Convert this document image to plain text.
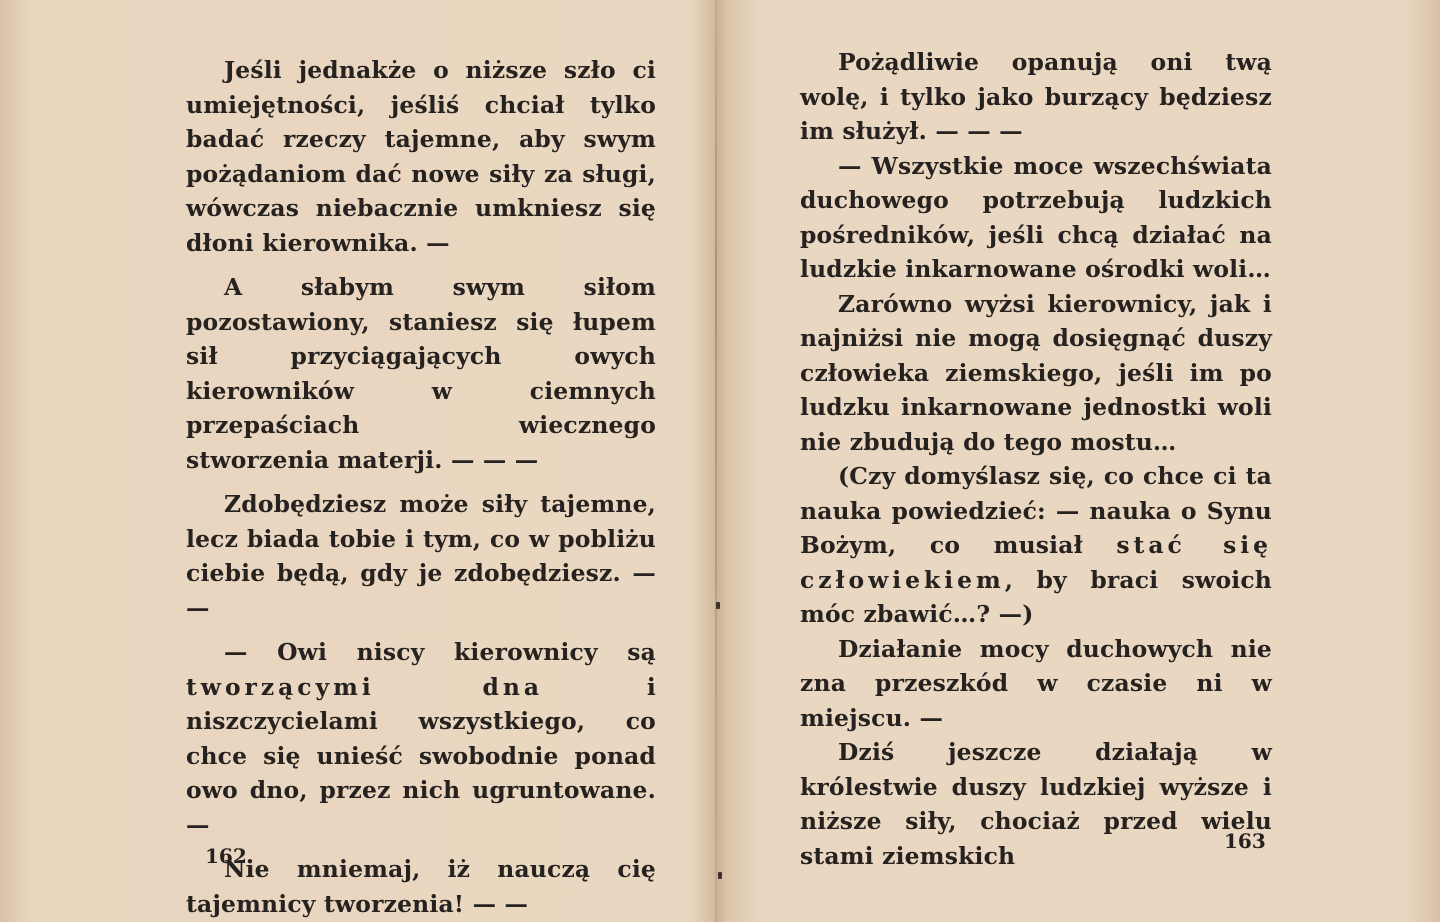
Jeśli jednakże o niższe szło ci umiejętności, jeśliś chciał tylko badać rzeczy tajemne, aby swym pożądaniom dać nowe siły za sługi, wówczas niebacznie umkniesz się dłoni kierownika. —

A słabym swym siłom pozostawiony, staniesz się łupem sił przyciągających owych kierowników w ciemnych przepaściach wiecznego stworzenia materji. — — —

Zdobędziesz może siły tajemne, lecz biada tobie i tym, co w pobliżu ciebie będą, gdy je zdobędziesz. — —

— Owi niscy kierownicy są tworzącymi dna i niszczycielami wszystkiego, co chce się unieść swobodnie ponad owo dno, przez nich ugruntowane. —

Nie mniemaj, iż nauczą cię tajemnicy tworzenia! — —

162

Pożądliwie opanują oni twą wolę, i tylko jako burzący będziesz im służył. — — —

— Wszystkie moce wszechświata duchowego potrzebują ludzkich pośredników, jeśli chcą działać na ludzkie inkarnowane ośrodki woli…

Zarówno wyżsi kierownicy, jak i najniżsi nie mogą dosięgnąć duszy człowieka ziemskiego, jeśli im po ludzku inkarnowane jednostki woli nie zbudują do tego mostu…

(Czy domyślasz się, co chce ci ta nauka powiedzieć: — nauka o Synu Bożym, co musiał stać się człowiekiem, by braci swoich móc zbawić…? —)

Działanie mocy duchowych nie zna przeszkód w czasie ni w miejscu. —

Dziś jeszcze działają w królestwie duszy ludzkiej wyższe i niższe siły, chociaż przed wielu stami ziemskich

163
